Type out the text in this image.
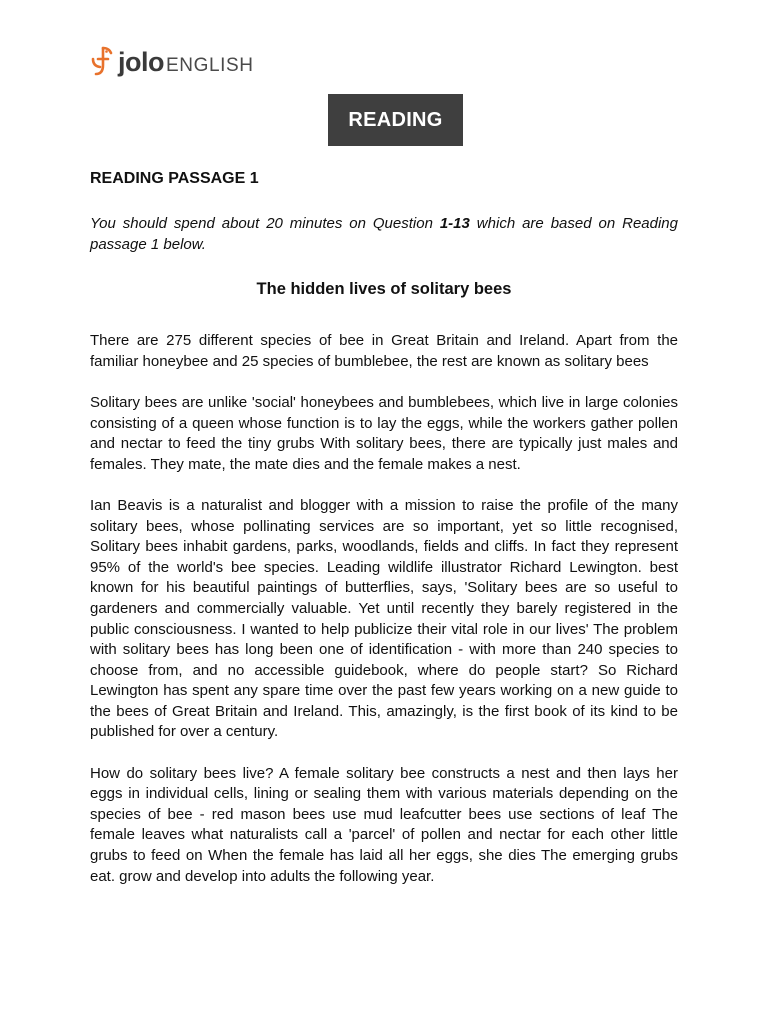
jolo ENGLISH
READING
READING PASSAGE 1

You should spend about 20 minutes on Question 1-13 which are based on Reading passage 1 below.

The hidden lives of solitary bees

There are 275 different species of bee in Great Britain and Ireland. Apart from the familiar honeybee and 25 species of bumblebee, the rest are known as solitary bees

Solitary bees are unlike 'social' honeybees and bumblebees, which live in large colonies consisting of a queen whose function is to lay the eggs, while the workers gather pollen and nectar to feed the tiny grubs With solitary bees, there are typically just males and females. They mate, the mate dies and the female makes a nest.

Ian Beavis is a naturalist and blogger with a mission to raise the profile of the many solitary bees, whose pollinating services are so important, yet so little recognised, Solitary bees inhabit gardens, parks, woodlands, fields and cliffs. In fact they represent 95% of the world's bee species. Leading wildlife illustrator Richard Lewington. best known for his beautiful paintings of butterflies, says, 'Solitary bees are so useful to gardeners and commercially valuable. Yet until recently they barely registered in the public consciousness. I wanted to help publicize their vital role in our lives' The problem with solitary bees has long been one of identification - with more than 240 species to choose from, and no accessible guidebook, where do people start? So Richard Lewington has spent any spare time over the past few years working on a new guide to the bees of Great Britain and Ireland. This, amazingly, is the first book of its kind to be published for over a century.

How do solitary bees live? A female solitary bee constructs a nest and then lays her eggs in individual cells, lining or sealing them with various materials depending on the species of bee - red mason bees use mud leafcutter bees use sections of leaf The female leaves what naturalists call a 'parcel' of pollen and nectar for each other little grubs to feed on When the female has laid all her eggs, she dies The emerging grubs eat. grow and develop into adults the following year.
